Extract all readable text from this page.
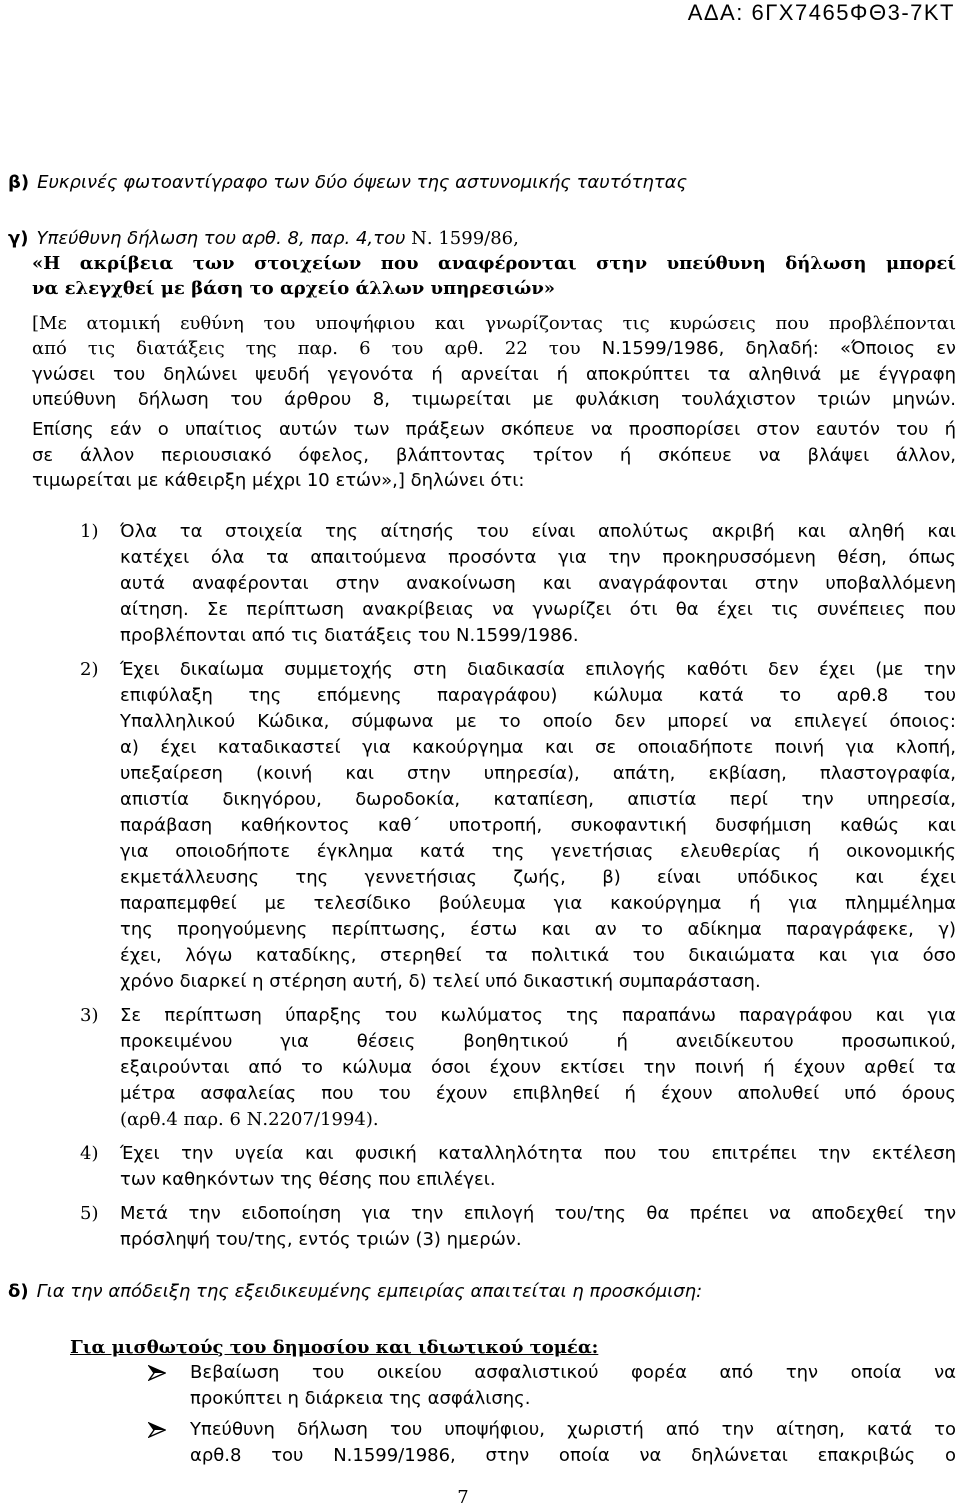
ΑΔΑ: 6ΓΧ7465ΦΘ3-7ΚΤ
β) Ευκρινές φωτοαντίγραφο των δύο όψεων της αστυνομικής ταυτότητας
γ) Υπεύθυνη δήλωση του αρθ. 8, παρ. 4,του Ν. 1599/86,
«Η ακρίβεια των στοιχείων που αναφέρονται στην υπεύθυνη δήλωση μπορεί
να ελεγχθεί με βάση το αρχείο άλλων υπηρεσιών»
[Με ατομική ευθύνη του υποψήφιου και γνωρίζοντας τις κυρώσεις που προβλέπονται
από τις διατάξεις της παρ. 6 του αρθ. 22 του Ν.1599/1986, δηλαδή: «Όποιος εν
γνώσει του δηλώνει ψευδή γεγονότα ή αρνείται ή αποκρύπτει τα αληθινά με έγγραφη
υπεύθυνη δήλωση του άρθρου 8, τιμωρείται με φυλάκιση τουλάχιστον τριών μηνών.
Επίσης εάν ο υπαίτιος αυτών των πράξεων σκόπευε να προσπορίσει στον εαυτόν του ή
σε άλλον περιουσιακό όφελος, βλάπτοντας τρίτον ή σκόπευε να βλάψει άλλον,
τιμωρείται με κάθειρξη μέχρι 10 ετών»,] δηλώνει ότι:
1) Όλα τα στοιχεία της αίτησής του είναι απολύτως ακριβή και αληθή και
κατέχει όλα τα απαιτούμενα προσόντα για την προκηρυσσόμενη θέση, όπως
αυτά αναφέρονται στην ανακοίνωση και αναγράφονται στην υποβαλλόμενη
αίτηση. Σε περίπτωση ανακρίβειας να γνωρίζει ότι θα έχει τις συνέπειες που
προβλέπονται από τις διατάξεις του Ν.1599/1986.
2) Έχει δικαίωμα συμμετοχής στη διαδικασία επιλογής καθότι δεν έχει (με την
επιφύλαξη της επόμενης παραγράφου) κώλυμα κατά το αρθ.8 του
Υπαλληλικού Κώδικα, σύμφωνα με το οποίο δεν μπορεί να επιλεγεί όποιος:
α) έχει καταδικαστεί για κακούργημα και σε οποιαδήποτε ποινή για κλοπή,
υπεξαίρεση (κοινή και στην υπηρεσία), απάτη, εκβίαση, πλαστογραφία,
απιστία δικηγόρου, δωροδοκία, καταπίεση, απιστία περί την υπηρεσία,
παράβαση καθήκοντος καθ΄ υποτροπή, συκοφαντική δυσφήμιση καθώς και
για οποιοδήποτε έγκλημα κατά της γενετήσιας ελευθερίας ή οικονομικής
εκμετάλλευσης της γεννετήσιας ζωής, β) είναι υπόδικος και έχει
παραπεμφθεί με τελεσίδικο βούλευμα για κακούργημα ή για πλημμέλημα
της προηγούμενης περίπτωσης, έστω και αν το αδίκημα παραγράφεκε, γ)
έχει, λόγω καταδίκης, στερηθεί τα πολιτικά του δικαιώματα και για όσο
χρόνο διαρκεί η στέρηση αυτή, δ) τελεί υπό δικαστική συμπαράσταση.
3) Σε περίπτωση ύπαρξης του κωλύματος της παραπάνω παραγράφου και για
προκειμένου για θέσεις βοηθητικού ή ανειδίκευτου προσωπικού,
εξαιρούνται από το κώλυμα όσοι έχουν εκτίσει την ποινή ή έχουν αρθεί τα
μέτρα ασφαλείας που του έχουν επιβληθεί ή έχουν απολυθεί υπό όρους
(αρθ.4 παρ. 6 Ν.2207/1994).
4) Έχει την υγεία και φυσική καταλληλότητα που του επιτρέπει την εκτέλεση
των καθηκόντων της θέσης που επιλέγει.
5) Μετά την ειδοποίηση για την επιλογή του/της θα πρέπει να αποδεχθεί την
πρόσληψή του/της, εντός τριών (3) ημερών.
δ) Για την απόδειξη της εξειδικευμένης εμπειρίας απαιτείται η προσκόμιση:
Για μισθωτούς του δημοσίου και ιδιωτικού τομέα:
Βεβαίωση του οικείου ασφαλιστικού φορέα από την οποία να
προκύπτει η διάρκεια της ασφάλισης.
Υπεύθυνη δήλωση του υποψήφιου, χωριστή από την αίτηση, κατά το
αρθ.8 του Ν.1599/1986, στην οποία να δηλώνεται επακριβώς ο
7
